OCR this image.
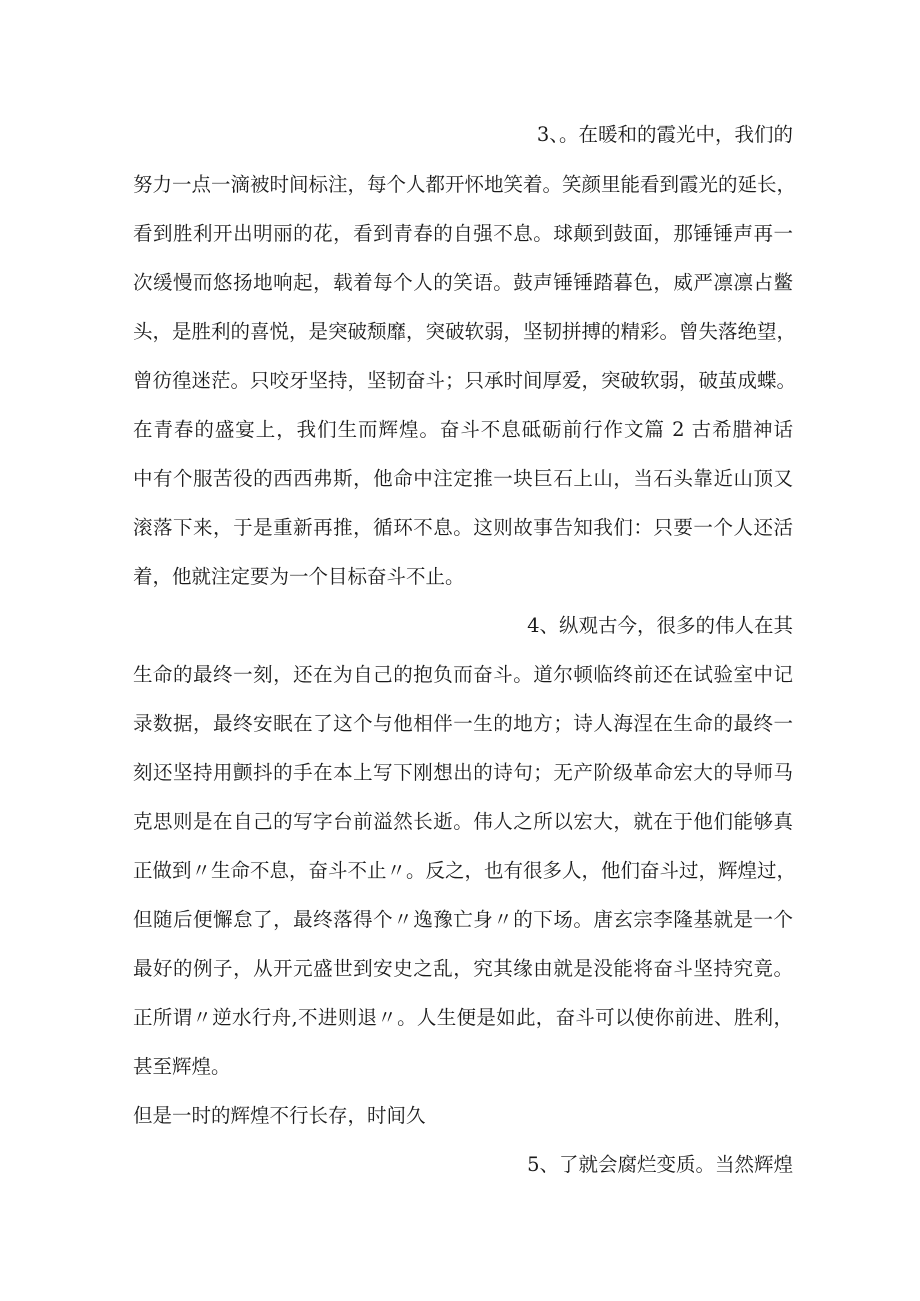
3、。在暖和的霞光中，我们的
努力一点一滴被时间标注，每个人都开怀地笑着。笑颜里能看到霞光的延长，
看到胜利开出明丽的花，看到青春的自强不息。球颠到鼓面，那锤锤声再一
次缓慢而悠扬地响起，载着每个人的笑语。鼓声锤锤踏暮色，威严凛凛占鳖
头，是胜利的喜悦，是突破颓靡，突破软弱，坚韧拼搏的精彩。曾失落绝望，
曾彷徨迷茫。只咬牙坚持，坚韧奋斗；只承时间厚爱，突破软弱，破茧成蝶。
在青春的盛宴上，我们生而辉煌。奋斗不息砥砺前行作文篇 2 古希腊神话
中有个服苦役的西西弗斯，他命中注定推一块巨石上山，当石头靠近山顶又
滚落下来，于是重新再推，循环不息。这则故事告知我们：只要一个人还活
着，他就注定要为一个目标奋斗不止。
4、纵观古今，很多的伟人在其
生命的最终一刻，还在为自己的抱负而奋斗。道尔顿临终前还在试验室中记
录数据，最终安眠在了这个与他相伴一生的地方；诗人海涅在生命的最终一
刻还坚持用颤抖的手在本上写下刚想出的诗句；无产阶级革命宏大的导师马
克思则是在自己的写字台前溢然长逝。伟人之所以宏大，就在于他们能够真
正做到〃生命不息，奋斗不止〃。反之，也有很多人，他们奋斗过，辉煌过，
但随后便懈怠了，最终落得个〃逸豫亡身〃的下场。唐玄宗李隆基就是一个
最好的例子，从开元盛世到安史之乱，究其缘由就是没能将奋斗坚持究竟。
正所谓〃逆水行舟,不进则退〃。人生便是如此，奋斗可以使你前进、胜利，
甚至辉煌。
但是一时的辉煌不行长存，时间久
5、了就会腐烂变质。当然辉煌
